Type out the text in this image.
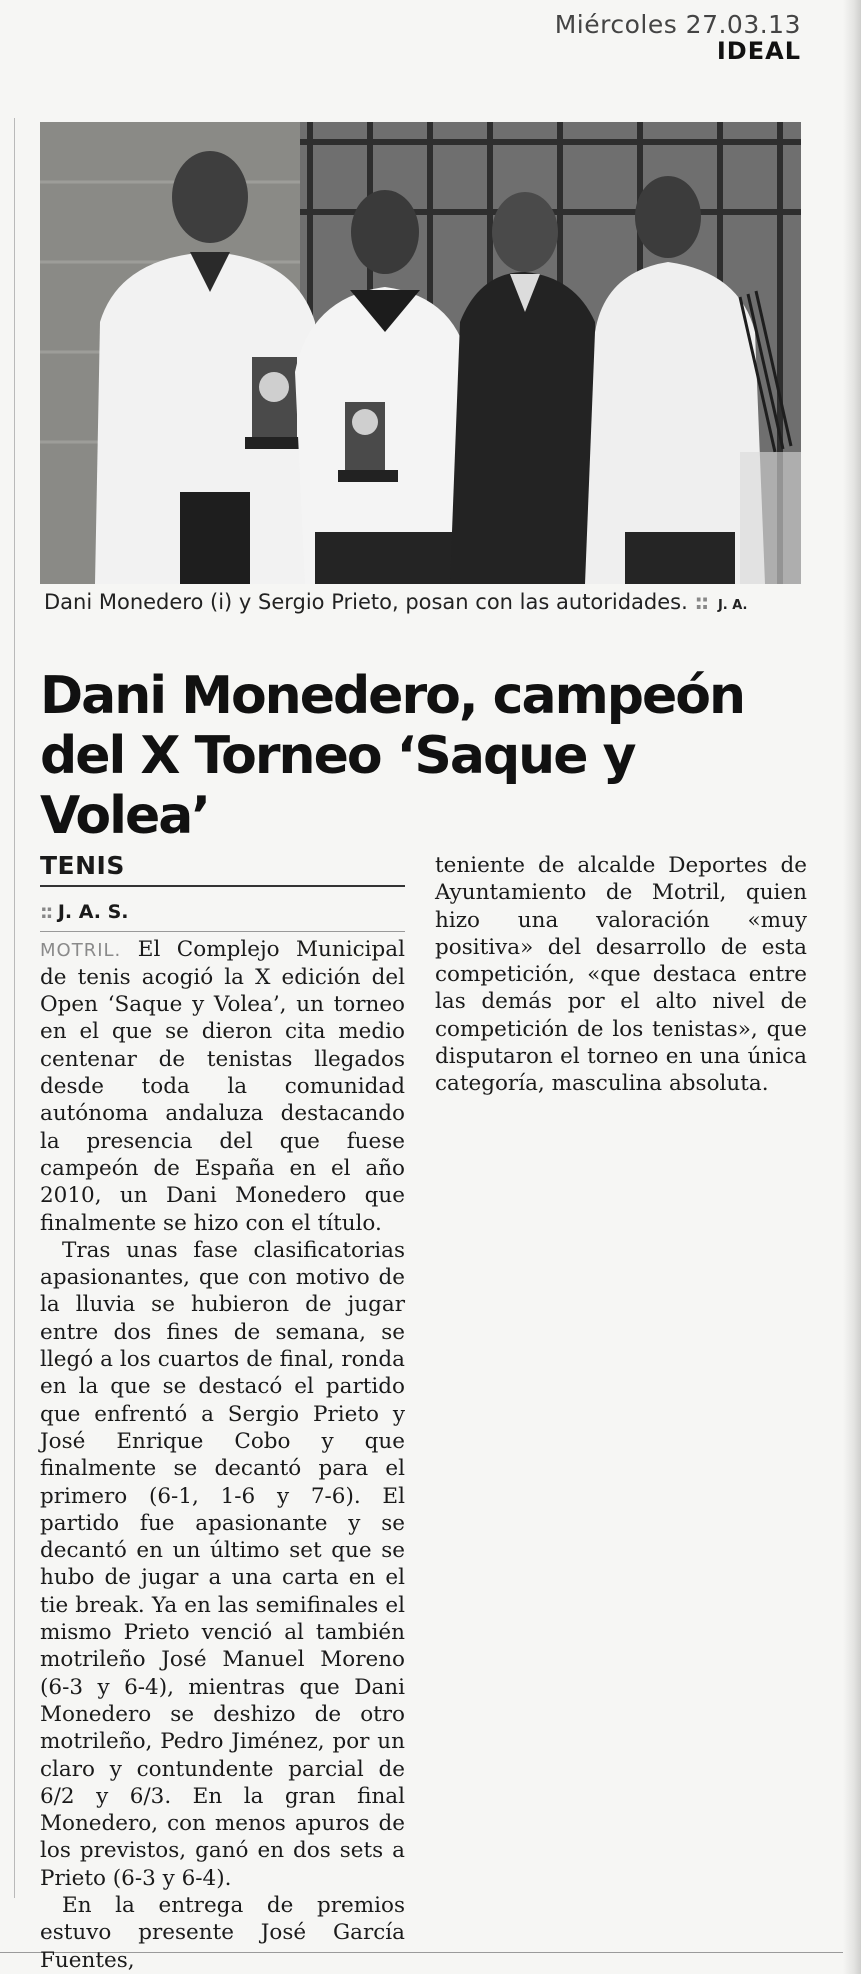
Miércoles 27.03.13
IDEAL
Dani Monedero (i) y Sergio Prieto, posan con las autoridades. :: J. A.
Dani Monedero, campeón
del X Torneo ‘Saque y Volea’
TENIS
:: J. A. S.

MOTRIL. El Complejo Municipal de tenis acogió la X edición del Open ‘Saque y Volea’, un torneo en el que se dieron cita medio centenar de tenistas llegados desde toda la comunidad autónoma andaluza destacando la presencia del que fuese campeón de España en el año 2010, un Dani Monedero que finalmente se hizo con el título.

Tras unas fase clasificatorias apasionantes, que con motivo de la lluvia se hubieron de jugar entre dos fines de semana, se llegó a los cuartos de final, ronda en la que se destacó el partido que enfrentó a Sergio Prieto y José Enrique Cobo y que finalmente se decantó para el primero (6-1, 1-6 y 7-6). El partido fue apasionante y se decantó en un último set que se hubo de jugar a una carta en el tie break. Ya en las semifinales el mismo Prieto venció al también motrileño José Manuel Moreno (6-3 y 6-4), mientras que Dani Monedero se deshizo de otro motrileño, Pedro Jiménez, por un claro y contundente parcial de 6/2 y 6/3. En la gran final Monedero, con menos apuros de los previstos, ganó en dos sets a Prieto (6-3 y 6-4).

En la entrega de premios estuvo presente José García Fuentes,

teniente de alcalde Deportes de Ayuntamiento de Motril, quien hizo una valoración «muy positiva» del desarrollo de esta competición, «que destaca entre las demás por el alto nivel de competición de los tenistas», que disputaron el torneo en una única categoría, masculina absoluta.
